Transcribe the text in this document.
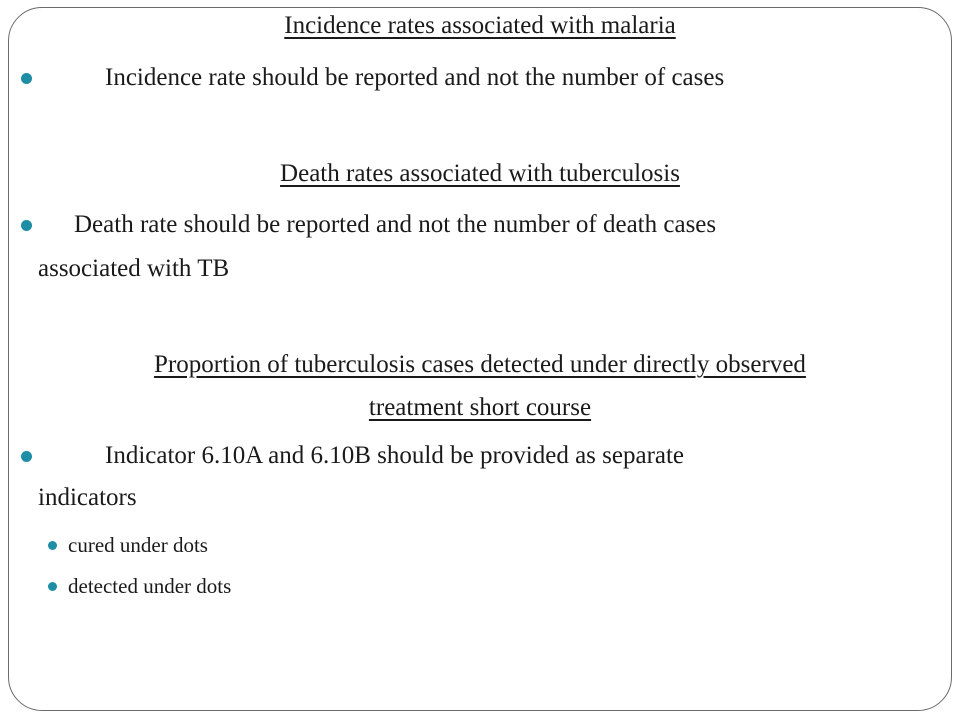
Incidence rates associated with malaria
Incidence rate should be reported and not the number of cases
Death rates associated with tuberculosis
Death rate should be reported and not the number of death cases
associated with TB
Proportion of tuberculosis cases detected under directly observed
treatment short course
Indicator 6.10A and 6.10B should be provided as separate
indicators
cured under dots
detected under dots
